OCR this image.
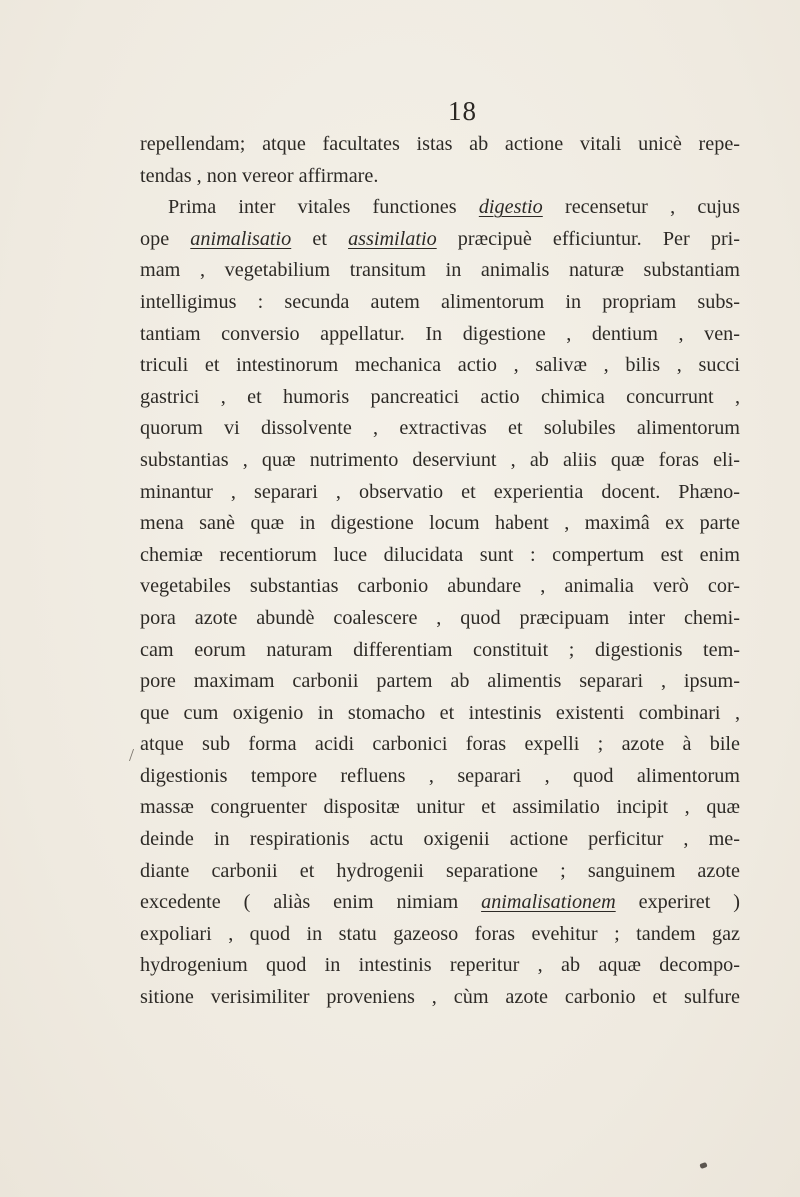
18
/
repellendam; atque facultates istas ab actione vitali unicè repe-
tendas , non vereor affirmare.
Prima inter vitales functiones digestio recensetur , cujus
ope animalisatio et assimilatio præcipuè efficiuntur. Per pri-
mam , vegetabilium transitum in animalis naturæ substantiam
intelligimus : secunda autem alimentorum in propriam subs-
tantiam conversio appellatur. In digestione , dentium , ven-
triculi et intestinorum mechanica actio , salivæ , bilis , succi
gastrici , et humoris pancreatici actio chimica concurrunt ,
quorum vi dissolvente , extractivas et solubiles alimentorum
substantias , quæ nutrimento deserviunt , ab aliis quæ foras eli-
minantur , separari , observatio et experientia docent. Phæno-
mena sanè quæ in digestione locum habent , maximâ ex parte
chemiæ recentiorum luce dilucidata sunt : compertum est enim
vegetabiles substantias carbonio abundare , animalia verò cor-
pora azote abundè coalescere , quod præcipuam inter chemi-
cam eorum naturam differentiam constituit ; digestionis tem-
pore maximam carbonii partem ab alimentis separari , ipsum-
que cum oxigenio in stomacho et intestinis existenti combinari ,
atque sub forma acidi carbonici foras expelli ; azote à bile
digestionis tempore refluens , separari , quod alimentorum
massæ congruenter dispositæ unitur et assimilatio incipit , quæ
deinde in respirationis actu oxigenii actione perficitur , me-
diante carbonii et hydrogenii separatione ; sanguinem azote
excedente ( aliàs enim nimiam animalisationem experiret )
expoliari , quod in statu gazeoso foras evehitur ; tandem gaz
hydrogenium quod in intestinis reperitur , ab aquæ decompo-
sitione verisimiliter proveniens , cùm azote carbonio et sulfure
